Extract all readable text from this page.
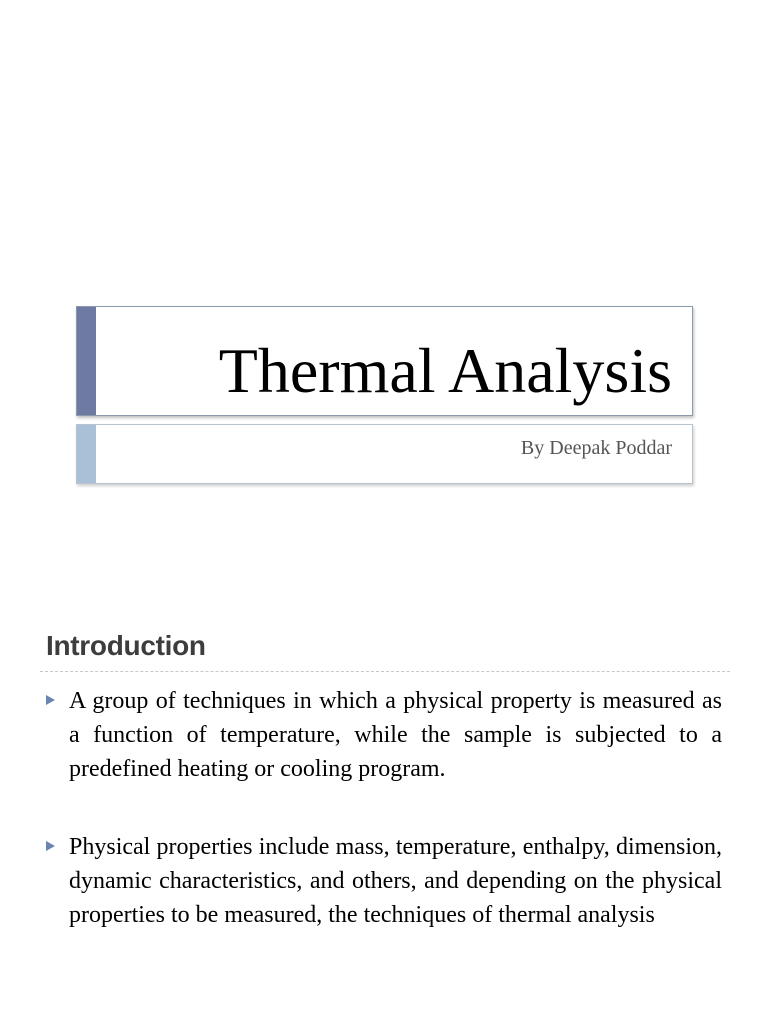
Thermal Analysis
By Deepak Poddar
Introduction
A group of techniques in which a physical property is measured as a function of temperature, while the sample is subjected to a predefined heating or cooling program.
Physical properties include mass, temperature, enthalpy, dimension, dynamic characteristics, and others, and depending on the physical properties to be measured, the techniques of thermal analysis
